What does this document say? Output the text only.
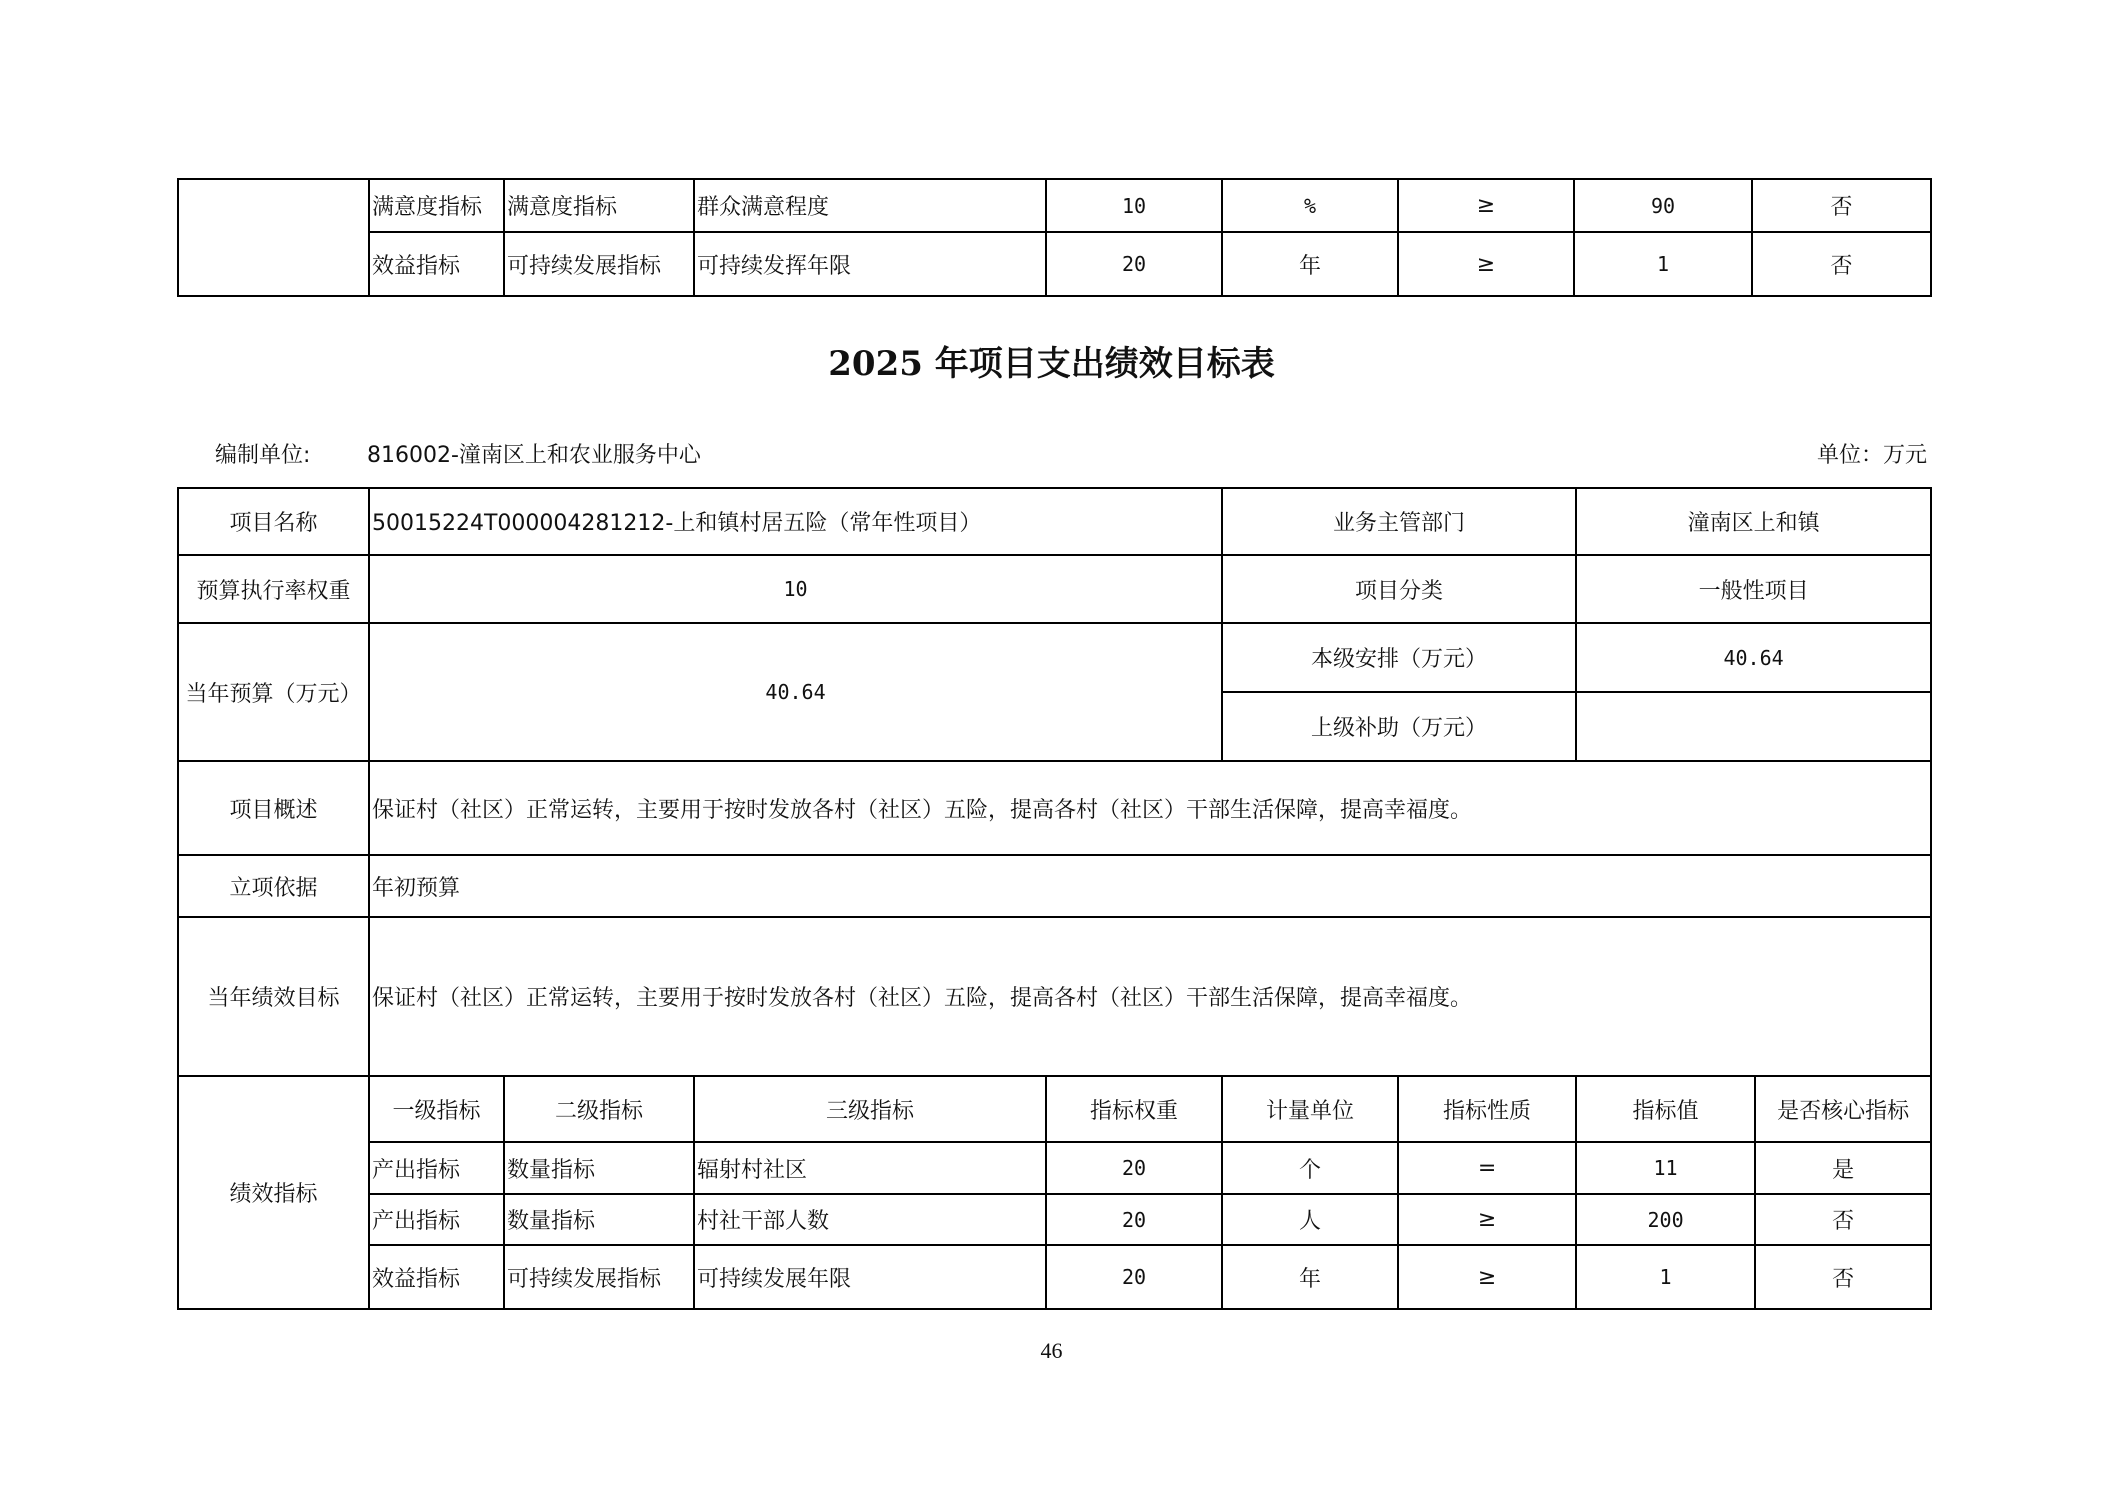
	满意度指标	满意度指标	群众满意程度	10	%	≥	90	否
	效益指标	可持续发展指标	可持续发挥年限	20	年	≥	1	否
2025 年项目支出绩效目标表
编制单位:	816002-潼南区上和农业服务中心	单位：万元
项目名称	50015224T000004281212-上和镇村居五险（常年性项目）				业务主管部门		潼南区上和镇	
预算执行率权重	10				项目分类		一般性项目	
当年预算（万元）	40.64				本级安排（万元）		40.64	
					上级补助（万元）			
项目概述	保证村（社区）正常运转，主要用于按时发放各村（社区）五险，提高各村（社区）干部生活保障，提高幸福度。							
立项依据	年初预算							
当年绩效目标	保证村（社区）正常运转，主要用于按时发放各村（社区）五险，提高各村（社区）干部生活保障，提高幸福度。							
绩效指标	一级指标	二级指标	三级指标	指标权重	计量单位	指标性质	指标值	是否核心指标
	产出指标	数量指标	辐射村社区	20	个	=	11	是
	产出指标	数量指标	村社干部人数	20	人	≥	200	否
	效益指标	可持续发展指标	可持续发展年限	20	年	≥	1	否
46
